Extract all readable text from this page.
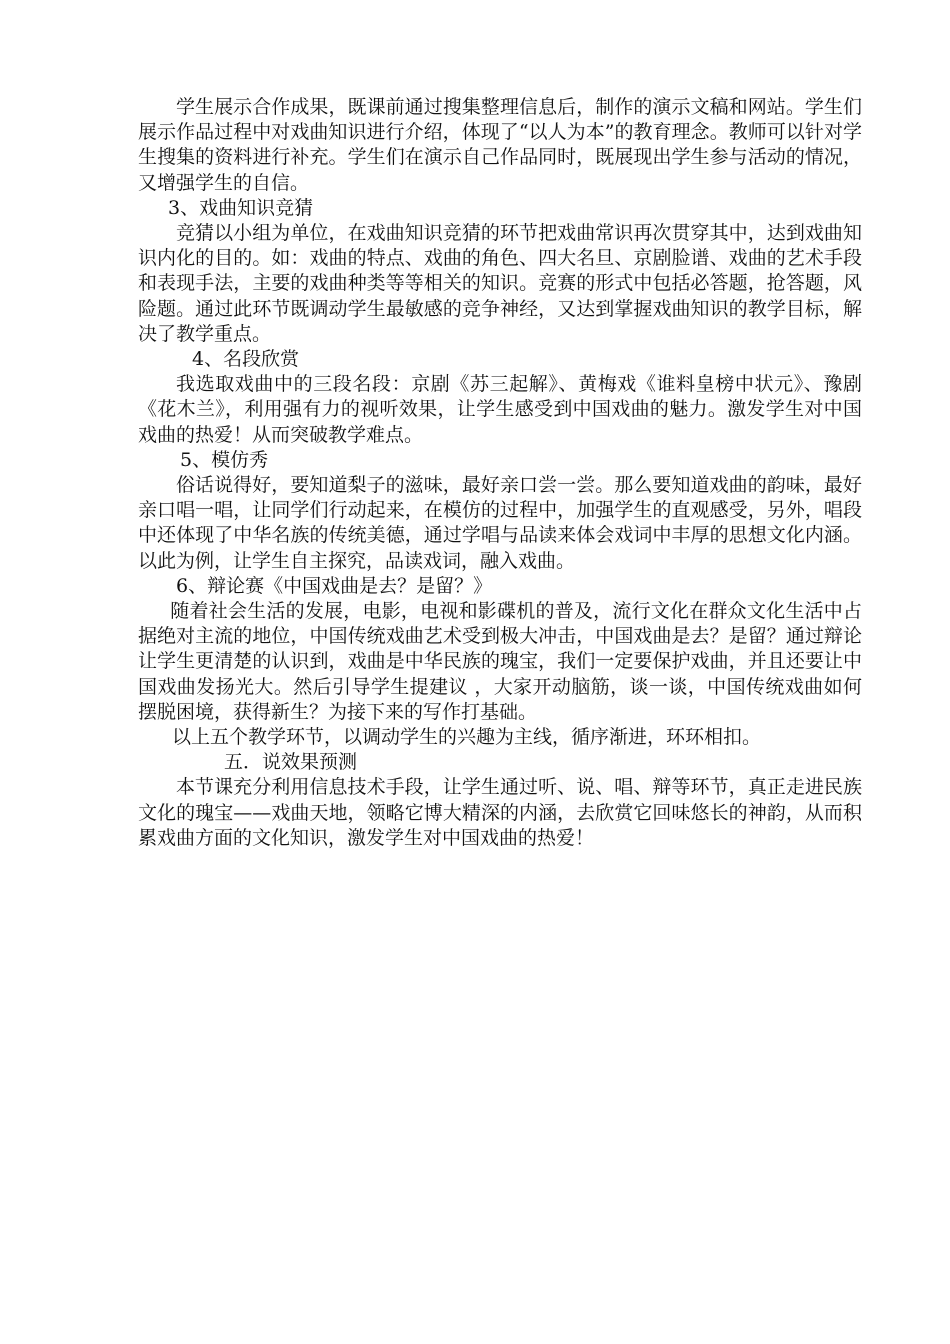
学生展示合作成果，既课前通过搜集整理信息后，制作的演示文稿和网站。学生们展示作品过程中对戏曲知识进行介绍，体现了“以人为本”的教育理念。教师可以针对学生搜集的资料进行补充。学生们在演示自己作品同时，既展现出学生参与活动的情况，又增强学生的自信。

3、戏曲知识竞猜

竞猜以小组为单位，在戏曲知识竞猜的环节把戏曲常识再次贯穿其中，达到戏曲知识内化的目的。如：戏曲的特点、戏曲的角色、四大名旦、京剧脸谱、戏曲的艺术手段和表现手法，主要的戏曲种类等等相关的知识。竞赛的形式中包括必答题，抢答题，风险题。通过此环节既调动学生最敏感的竞争神经，又达到掌握戏曲知识的教学目标，解决了教学重点。

4、名段欣赏

我选取戏曲中的三段名段：京剧《苏三起解》、黄梅戏《谁料皇榜中状元》、豫剧《花木兰》，利用强有力的视听效果，让学生感受到中国戏曲的魅力。激发学生对中国戏曲的热爱！从而突破教学难点。

5、模仿秀

俗话说得好，要知道梨子的滋味，最好亲口尝一尝。那么要知道戏曲的韵味，最好亲口唱一唱，让同学们行动起来，在模仿的过程中，加强学生的直观感受，另外，唱段中还体现了中华名族的传统美德，通过学唱与品读来体会戏词中丰厚的思想文化内涵。以此为例，让学生自主探究，品读戏词，融入戏曲。

6、辩论赛《中国戏曲是去？是留？》

随着社会生活的发展，电影，电视和影碟机的普及，流行文化在群众文化生活中占据绝对主流的地位，中国传统戏曲艺术受到极大冲击，中国戏曲是去？是留？通过辩论让学生更清楚的认识到，戏曲是中华民族的瑰宝，我们一定要保护戏曲，并且还要让中国戏曲发扬光大。然后引导学生提建议 ，大家开动脑筋，谈一谈，中国传统戏曲如何摆脱困境，获得新生？为接下来的写作打基础。

以上五个教学环节，以调动学生的兴趣为主线，循序渐进，环环相扣。

五．说效果预测

本节课充分利用信息技术手段，让学生通过听、说、唱、辩等环节，真正走进民族文化的瑰宝——戏曲天地，领略它博大精深的内涵，去欣赏它回味悠长的神韵，从而积累戏曲方面的文化知识，激发学生对中国戏曲的热爱！
